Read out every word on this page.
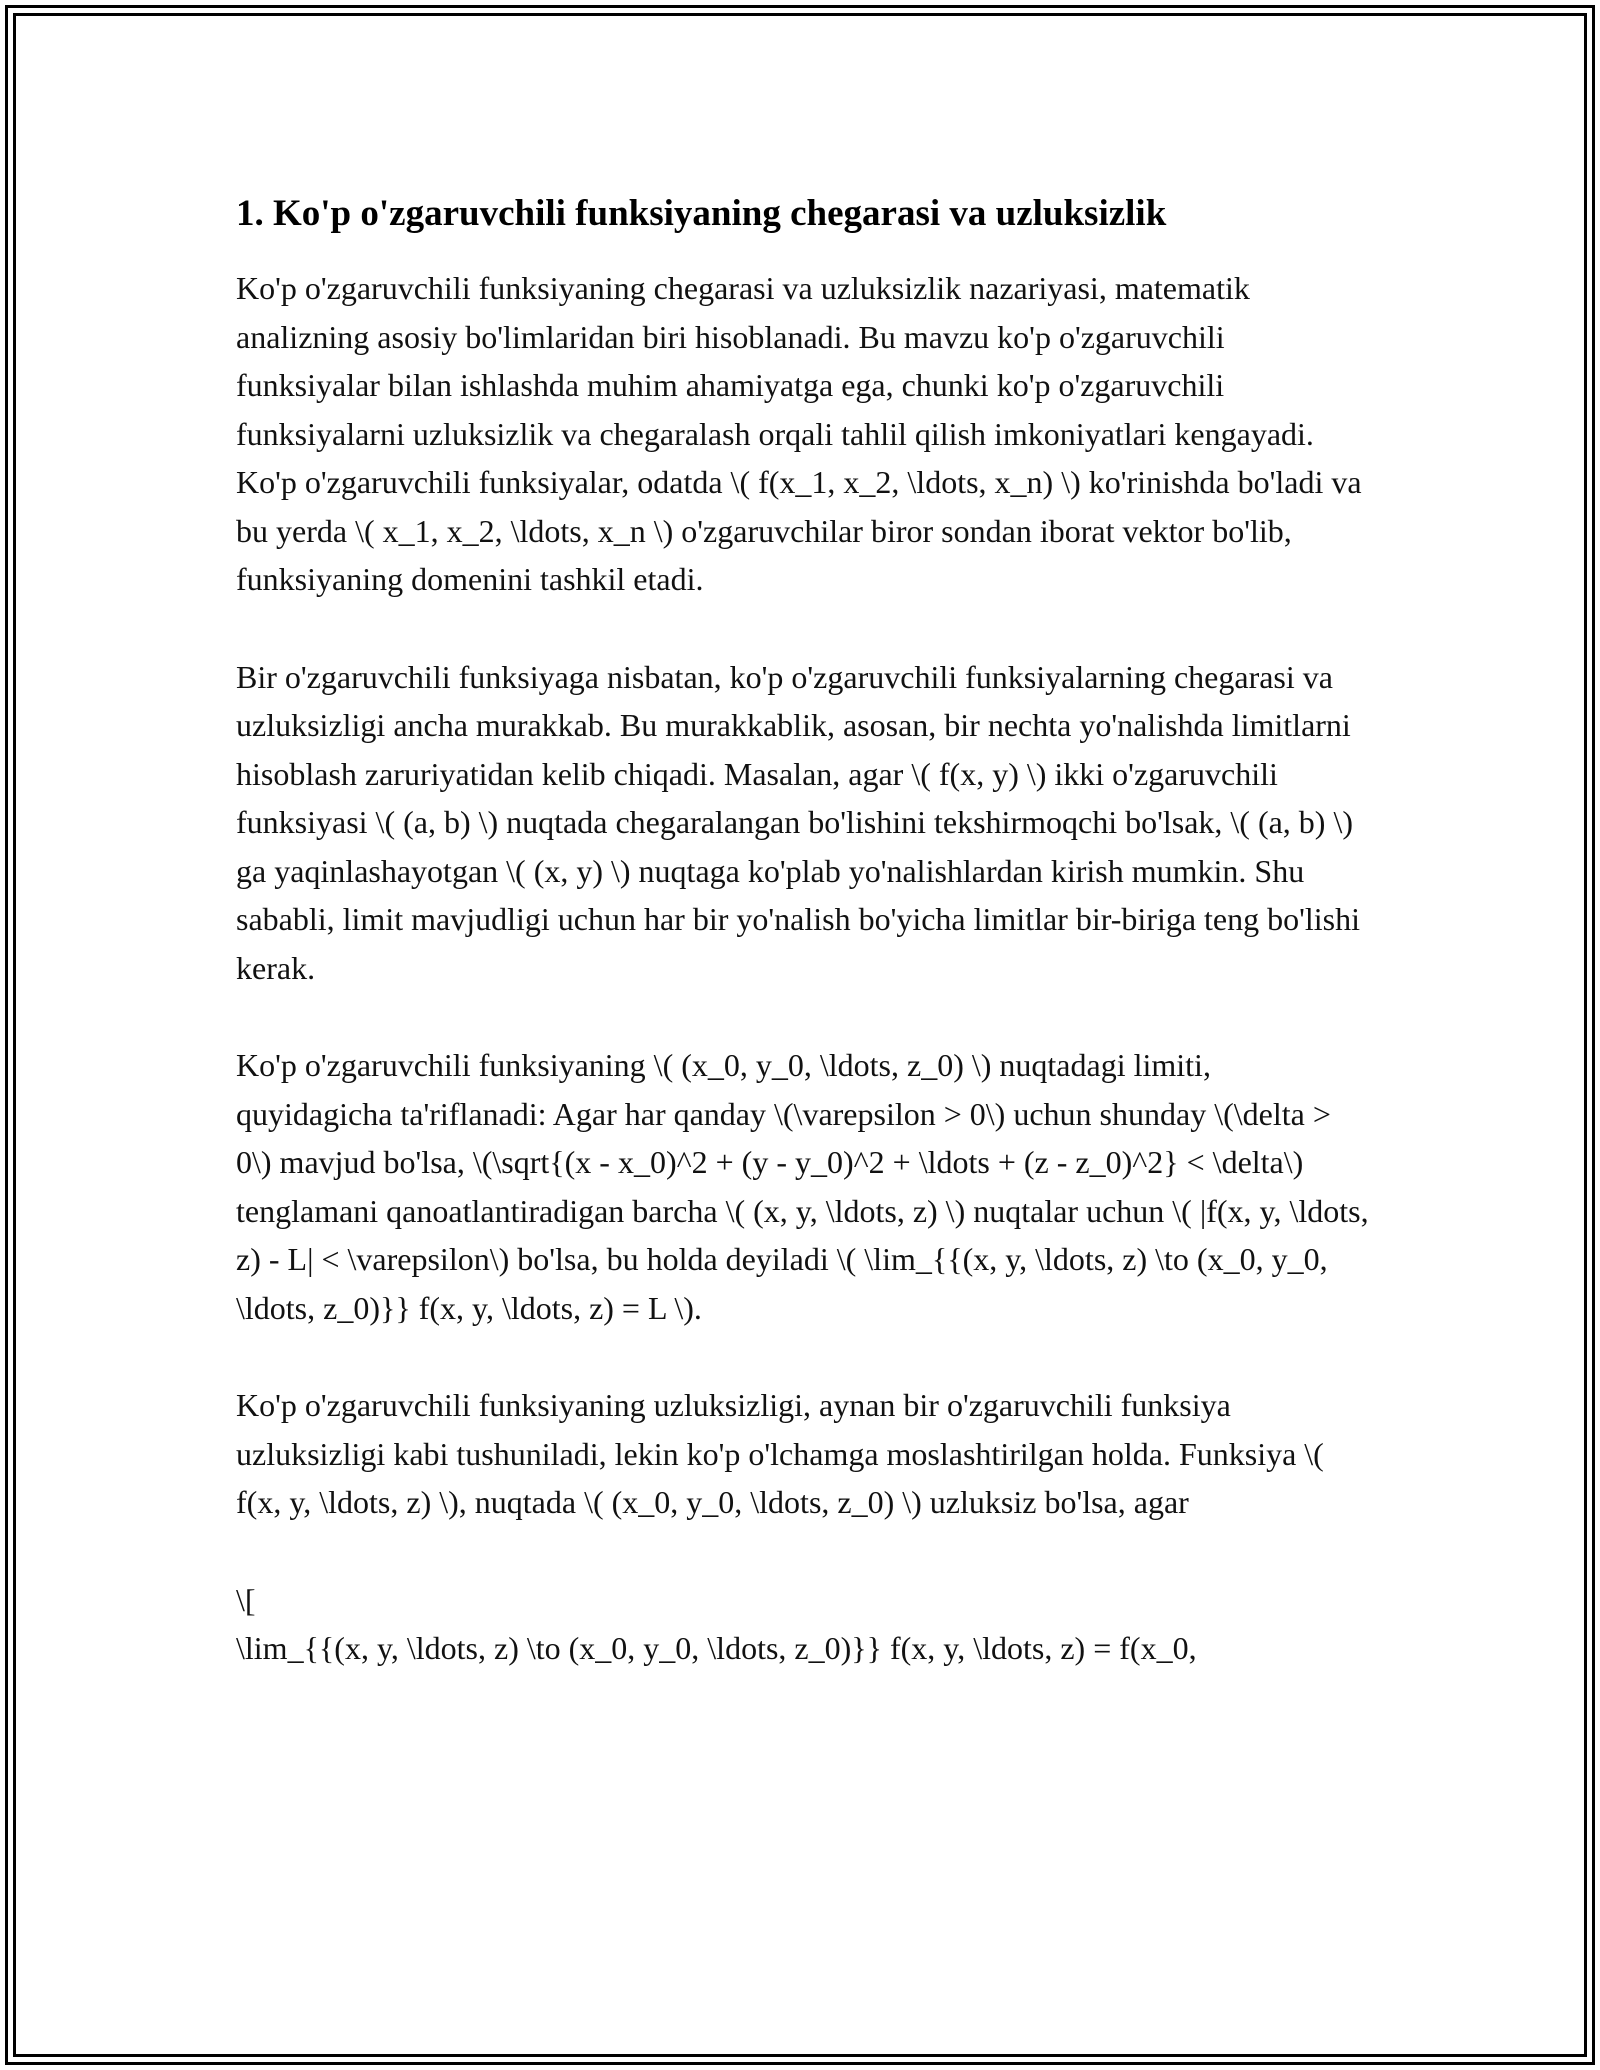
1. Ko'p o'zgaruvchili funksiyaning chegarasi va uzluksizlik

Ko'p o'zgaruvchili funksiyaning chegarasi va uzluksizlik nazariyasi, matematik analizning asosiy bo'limlaridan biri hisoblanadi. Bu mavzu ko'p o'zgaruvchili funksiyalar bilan ishlashda muhim ahamiyatga ega, chunki ko'p o'zgaruvchili funksiyalarni uzluksizlik va chegaralash orqali tahlil qilish imkoniyatlari kengayadi. Ko'p o'zgaruvchili funksiyalar, odatda \( f(x_1, x_2, \ldots, x_n) \) ko'rinishda bo'ladi va bu yerda \( x_1, x_2, \ldots, x_n \) o'zgaruvchilar biror sondan iborat vektor bo'lib, funksiyaning domenini tashkil etadi.

Bir o'zgaruvchili funksiyaga nisbatan, ko'p o'zgaruvchili funksiyalarning chegarasi va uzluksizligi ancha murakkab. Bu murakkablik, asosan, bir nechta yo'nalishda limitlarni hisoblash zaruriyatidan kelib chiqadi. Masalan, agar \( f(x, y) \) ikki o'zgaruvchili funksiyasi \( (a, b) \) nuqtada chegaralangan bo'lishini tekshirmoqchi bo'lsak, \( (a, b) \) ga yaqinlashayotgan \( (x, y) \) nuqtaga ko'plab yo'nalishlardan kirish mumkin. Shu sababli, limit mavjudligi uchun har bir yo'nalish bo'yicha limitlar bir-biriga teng bo'lishi kerak.

Ko'p o'zgaruvchili funksiyaning \( (x_0, y_0, \ldots, z_0) \) nuqtadagi limiti, quyidagicha ta'riflanadi: Agar har qanday \(\varepsilon > 0\) uchun shunday \(\delta > 0\) mavjud bo'lsa, \(\sqrt{(x - x_0)^2 + (y - y_0)^2 + \ldots + (z - z_0)^2} < \delta\) tenglamani qanoatlantiradigan barcha \( (x, y, \ldots, z) \) nuqtalar uchun \( |f(x, y, \ldots, z) - L| < \varepsilon\) bo'lsa, bu holda deyiladi \( \lim_{{(x, y, \ldots, z) \to (x_0, y_0, \ldots, z_0)}} f(x, y, \ldots, z) = L \).

Ko'p o'zgaruvchili funksiyaning uzluksizligi, aynan bir o'zgaruvchili funksiya uzluksizligi kabi tushuniladi, lekin ko'p o'lchamga moslashtirilgan holda. Funksiya \( f(x, y, \ldots, z) \), nuqtada \( (x_0, y_0, \ldots, z_0) \) uzluksiz bo'lsa, agar

\[
\lim_{{(x, y, \ldots, z) \to (x_0, y_0, \ldots, z_0)}} f(x, y, \ldots, z) = f(x_0,
